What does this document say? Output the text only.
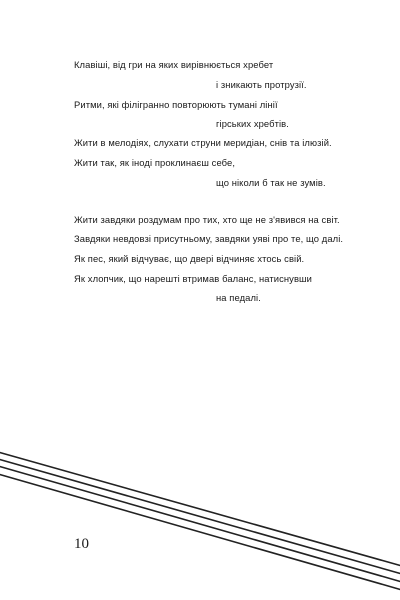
Клавіші, від гри на яких вирівнюється хребет
і зникають протрузії.
Ритми, які філігранно повторюють тумані лінії
гірських хребтів.
Жити в мелодіях, слухати струни меридіан, снів та ілюзій.
Жити так, як іноді проклинаєш себе,
що ніколи б так не зумів.
Жити завдяки роздумам про тих, хто ще не з'явився на світ.
Завдяки невдовзі присутньому, завдяки уяві про те, що далі.
Як пес, який відчуває, що двері відчиняє хтось свій.
Як хлопчик, що нарешті втримав баланс, натиснувши
на педалі.
10
